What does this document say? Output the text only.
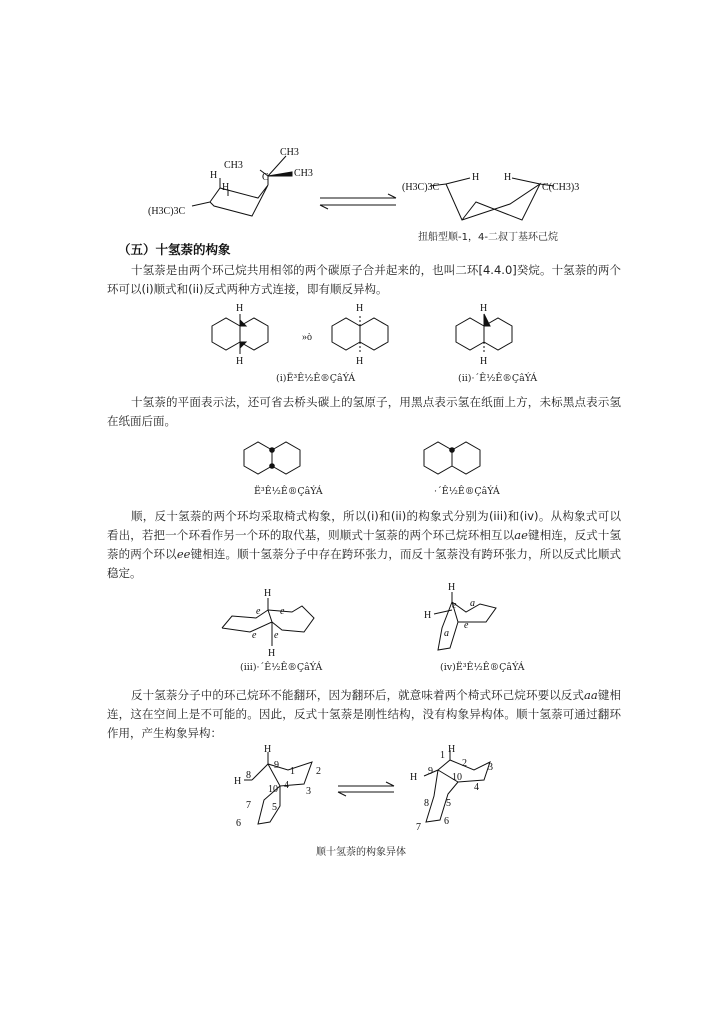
CH3
CH3
CH3
C
H
H
(H3C)3C
(H3C)3C
H H
C(CH3)3
扭船型顺-1，4-二叔丁基环己烷
（五）十氢萘的构象
十氢萘是由两个环己烷共用相邻的两个碳原子合并起来的，也叫二环[4.4.0]癸烷。十氢萘的两个环可以(i)顺式和(ii)反式两种方式连接，即有顺反异构。
H
H
»ò
H
H
H
H
(i)Ë³Ê½Ê®ÇâÝÁ	(ii)·´Ê½Ê®ÇâÝÁ
十氢萘的平面表示法，还可省去桥头碳上的氢原子，用黑点表示氢在纸面上方，未标黑点表示氢在纸面后面。
Ë³Ê½Ê®ÇâÝÁ	·´Ê½Ê®ÇâÝÁ
顺，反十氢萘的两个环均采取椅式构象，所以(i)和(ii)的构象式分别为(iii)和(iv)。从构象式可以看出，若把一个环看作另一个环的取代基，则顺式十氢萘的两个环己烷环相互以ae键相连，反式十氢萘的两个环以ee键相连。顺十氢萘分子中存在跨环张力，而反十氢萘没有跨环张力，所以反式比顺式稳定。
H
H
e e
e e
H
H
e a
e
a
(iii)·´Ê½Ê®ÇâÝÁ	(iv)Ë³Ê½Ê®ÇâÝÁ
反十氢萘分子中的环己烷环不能翻环，因为翻环后，就意味着两个椅式环己烷环要以反式aa键相连，这在空间上是不可能的。因此，反式十氢萘是刚性结构，没有构象异构体。顺十氢萘可通过翻环作用，产生构象异构：
H
H
9
1 2
3
4
10
8
7 5
6
H
H
1
2 3
4
10
9
8 5
6
7
顺十氢萘的构象异体
